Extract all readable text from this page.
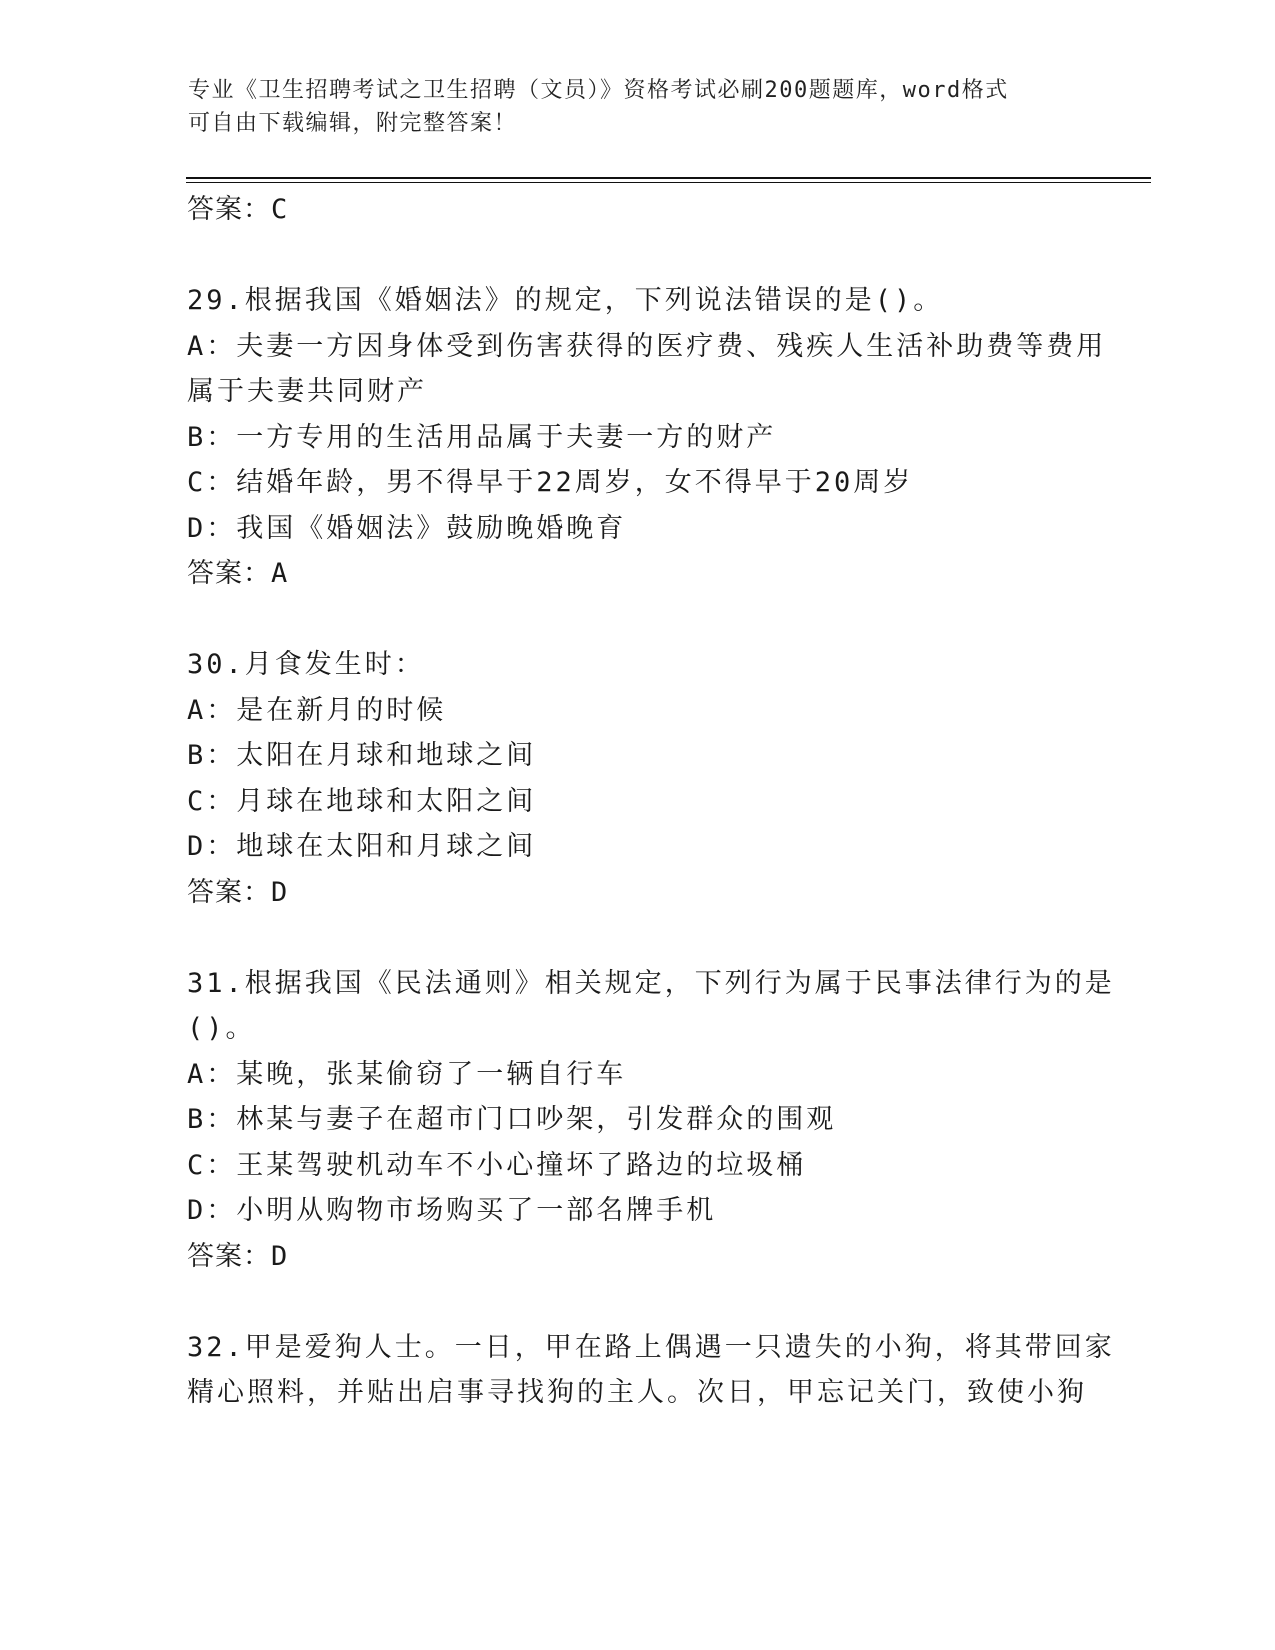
专业《卫生招聘考试之卫生招聘（文员）》资格考试必刷200题题库，word格式
可自由下载编辑，附完整答案！
答案：C
29.根据我国《婚姻法》的规定，下列说法错误的是()。
A：夫妻一方因身体受到伤害获得的医疗费、残疾人生活补助费等费用
属于夫妻共同财产
B：一方专用的生活用品属于夫妻一方的财产
C：结婚年龄，男不得早于22周岁，女不得早于20周岁
D：我国《婚姻法》鼓励晚婚晚育
答案：A
30.月食发生时：
A：是在新月的时候
B：太阳在月球和地球之间
C：月球在地球和太阳之间
D：地球在太阳和月球之间
答案：D
31.根据我国《民法通则》相关规定，下列行为属于民事法律行为的是
()。
A：某晚，张某偷窃了一辆自行车
B：林某与妻子在超市门口吵架，引发群众的围观
C：王某驾驶机动车不小心撞坏了路边的垃圾桶
D：小明从购物市场购买了一部名牌手机
答案：D
32.甲是爱狗人士。一日，甲在路上偶遇一只遗失的小狗，将其带回家
精心照料，并贴出启事寻找狗的主人。次日，甲忘记关门，致使小狗
